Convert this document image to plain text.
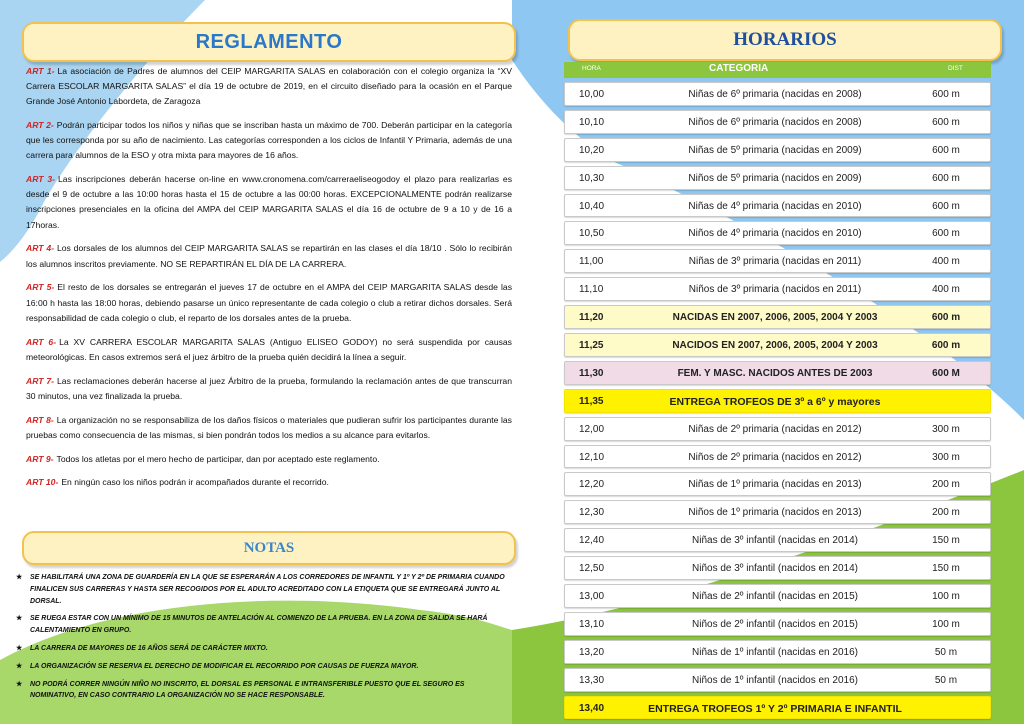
REGLAMENTO

ART 1- La asociación de Padres de alumnos del CEIP MARGARITA SALAS en colaboración con el colegio organiza la “XV Carrera ESCOLAR MARGARITA SALAS” el día 19 de octubre de 2019, en el circuito diseñado para la ocasión en el Parque Grande José Antonio Labordeta, de Zaragoza

ART 2- Podrán participar todos los niños y niñas que se inscriban hasta un máximo de 700. Deberán participar en la categoría que les corresponda por su año de nacimiento. Las categorías corresponden a los ciclos de Infantil Y Primaria, además de una carrera para alumnos de la ESO y otra mixta para mayores de 16 años.

ART 3- Las inscripciones deberán hacerse on-line en www.cronomena.com/carreraeliseogodoy el plazo para realizarlas es desde el 9 de octubre a las 10:00 horas hasta el 15 de octubre a las 00:00 horas. EXCEPCIONALMENTE podrán realizarse inscripciones presenciales en la oficina del AMPA del CEIP MARGARITA SALAS el día 16 de octubre de 9 a 10 y de 16 a 17horas.

ART 4- Los dorsales de los alumnos del CEIP MARGARITA SALAS se repartirán en las clases el día 18/10 . Sólo lo recibirán los alumnos inscritos previamente. NO SE REPARTIRÁN EL DÍA DE LA CARRERA.

ART 5- El resto de los dorsales se entregarán el jueves 17 de octubre en el AMPA del CEIP MARGARITA SALAS desde las 16:00 h hasta las 18:00 horas, debiendo pasarse un único representante de cada colegio o club a retirar dichos dorsales. Será responsabilidad de cada colegio o club, el reparto de los dorsales antes de la prueba.

ART 6- La XV CARRERA ESCOLAR MARGARITA SALAS (Antiguo ELISEO GODOY) no será suspendida por causas meteorológicas. En casos extremos será el juez árbitro de la prueba quién decidirá la línea a seguir.

ART 7- Las reclamaciones deberán hacerse al juez Árbitro de la prueba, formulando la reclamación antes de que transcurran 30 minutos, una vez finalizada la prueba.

ART 8- La organización no se responsabiliza de los daños físicos o materiales que pudieran sufrir los participantes durante las pruebas como consecuencia de las mismas, si bien pondrán todos los medios a su alcance para evitarlos.

ART 9- Todos los atletas por el mero hecho de participar, dan por aceptado este reglamento.

ART 10- En ningún caso los niños podrán ir acompañados durante el recorrido.

NOTAS
★ SE HABILITARÁ UNA ZONA DE GUARDERÍA EN LA QUE SE ESPERARÁN A LOS CORREDORES DE INFANTIL Y 1º Y 2º DE PRIMARIA CUANDO FINALICEN SUS CARRERAS Y HASTA SER RECOGIDOS POR EL ADULTO ACREDITADO CON LA ETIQUETA QUE SE ENTREGARÁ JUNTO AL DORSAL.
★ SE RUEGA ESTAR CON UN MÍNIMO DE 15 MINUTOS DE ANTELACIÓN AL COMIENZO DE LA PRUEBA. EN LA ZONA DE SALIDA SE HARÁ CALENTAMIENTO EN GRUPO.
★ LA CARRERA DE MAYORES DE 16 AÑOS SERÁ DE CARÁCTER MIXTO.
★ LA ORGANIZACIÓN SE RESERVA EL DERECHO DE MODIFICAR EL RECORRIDO POR CAUSAS DE FUERZA MAYOR.
★ NO PODRÁ CORRER NINGÚN NIÑO NO INSCRITO, EL DORSAL ES PERSONAL E INTRANSFERIBLE PUESTO QUE EL SEGURO ES NOMINATIVO, EN CASO CONTRARIO LA ORGANIZACIÓN NO SE HACE RESPONSABLE.
HORARIOS
HORA	CATEGORIA	DIST
10,00	Niñas de 6º primaria (nacidas en 2008)	600 m
10,10	Niños de 6º primaria (nacidos en 2008)	600 m
10,20	Niñas de 5º primaria (nacidas en 2009)	600 m
10,30	Niños de 5º primaria (nacidos en 2009)	600 m
10,40	Niñas de 4º primaria (nacidas en 2010)	600 m
10,50	Niños de 4º primaria (nacidos en 2010)	600 m
11,00	Niñas de 3º primaria (nacidas en 2011)	400 m
11,10	Niños de 3º primaria (nacidos en 2011)	400 m
11,20	NACIDAS EN 2007, 2006, 2005, 2004 Y 2003	600 m
11,25	NACIDOS EN 2007, 2006, 2005, 2004 Y 2003	600 m
11,30	FEM. Y MASC. NACIDOS ANTES DE 2003	600 M
11,35	ENTREGA TROFEOS DE 3º a 6º y mayores
12,00	Niñas de 2º primaria (nacidas en 2012)	300 m
12,10	Niños de 2º primaria (nacidos en 2012)	300 m
12,20	Niñas de 1º primaria (nacidas en 2013)	200 m
12,30	Niños de 1º primaria (nacidos en 2013)	200 m
12,40	Niñas de 3º infantil (nacidas en 2014)	150 m
12,50	Niños de 3º infantil (nacidos en 2014)	150 m
13,00	Niñas de 2º infantil (nacidas en 2015)	100 m
13,10	Niños de 2º infantil (nacidos en 2015)	100 m
13,20	Niñas de 1º infantil (nacidas en 2016)	50 m
13,30	Niños de 1º infantil (nacidos en 2016)	50 m
13,40	ENTREGA TROFEOS 1º Y 2º PRIMARIA E INFANTIL
